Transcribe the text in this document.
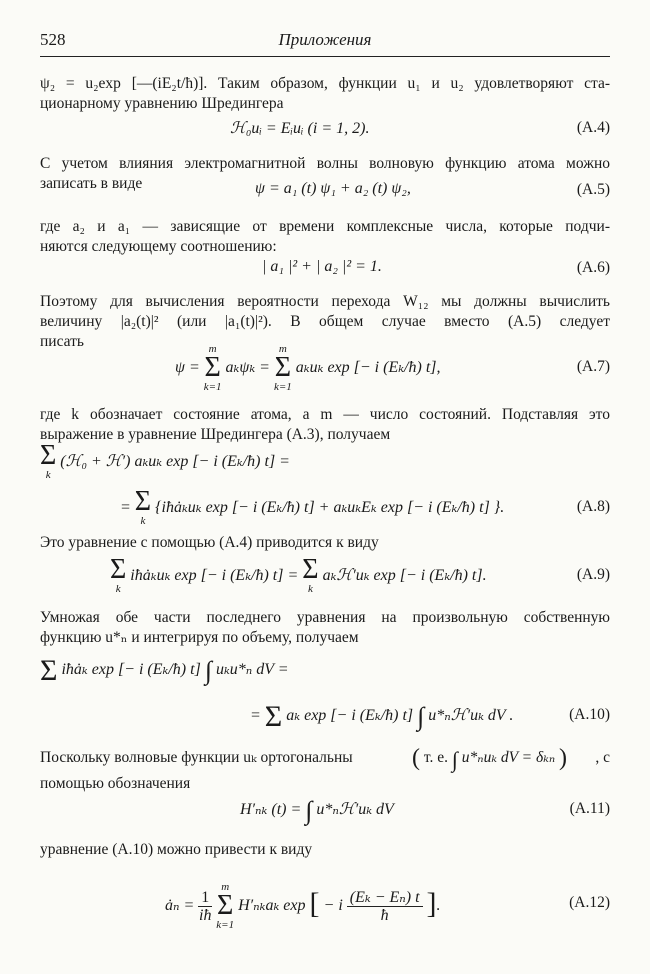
528	Приложения
ψ₂ = u₂exp [—(iE₂t/ħ)]. Таким образом, функции u₁ и u₂ удовлетворяют ста-
ционарному уравнению Шредингера
ℋ₀uᵢ = Eᵢuᵢ (i = 1, 2).	(A.4)
С учетом влияния электромагнитной волны волновую функцию атома можно
записать в виде	ψ = a₁ (t) ψ₁ + a₂ (t) ψ₂,	(A.5)
где a₂ и a₁ — зависящие от времени комплексные числа, которые подчи-
няются следующему соотношению:
| a₁ |² + | a₂ |² = 1.	(A.6)
Поэтому для вычисления вероятности перехода W₁₂ мы должны вычислить
величину |a₂(t)|² (или |a₁(t)|²). В общем случае вместо (А.5) следует
писать
ψ =
m
Σ
k=1
aₖψₖ =
m
Σ
k=1
aₖuₖ exp [− i (Eₖ/ħ) t],	(A.7)
где k обозначает состояние атома, а m — число состояний. Подставляя это
выражение в уравнение Шредингера (А.3), получаем
Σ
k
(ℋ₀ + ℋ′) aₖuₖ exp [− i (Eₖ/ħ) t] =
= Σ
k
{iħȧₖuₖ exp [− i (Eₖ/ħ) t] + aₖuₖEₖ exp [− i (Eₖ/ħ) t] }.	(A.8)
Это уравнение с помощью (А.4) приводится к виду
Σ
k
iħȧₖuₖ exp [− i (Eₖ/ħ) t] = Σ
k
aₖℋ′uₖ exp [− i (Eₖ/ħ) t].	(A.9)
Умножая обе части последнего уравнения на произвольную собственную
функцию u*ₙ и интегрируя по объему, получаем
Σ iħȧₖ exp [− i (Eₖ/ħ) t] ∫ uₖu*ₙ dV =
= Σ aₖ exp [− i (Eₖ/ħ) t] ∫ u*ₙℋ′uₖ dV .	(A.10)
Поскольку волновые функции uₖ ортогональны ( т. е. ∫ u*ₙuₖ dV = δₖₙ ) , с
помощью обозначения
H′ₙₖ (t) = ∫ u*ₙℋ′uₖ dV	(A.11)
уравнение (А.10) можно привести к виду
ȧₙ = $\frac{1}{iħ}$

m
Σ
k=1
H′ₙₖaₖ exp [ − i $\frac{\text{(Eₖ − Eₙ) t}}{ħ}$ ].	(A.12)
